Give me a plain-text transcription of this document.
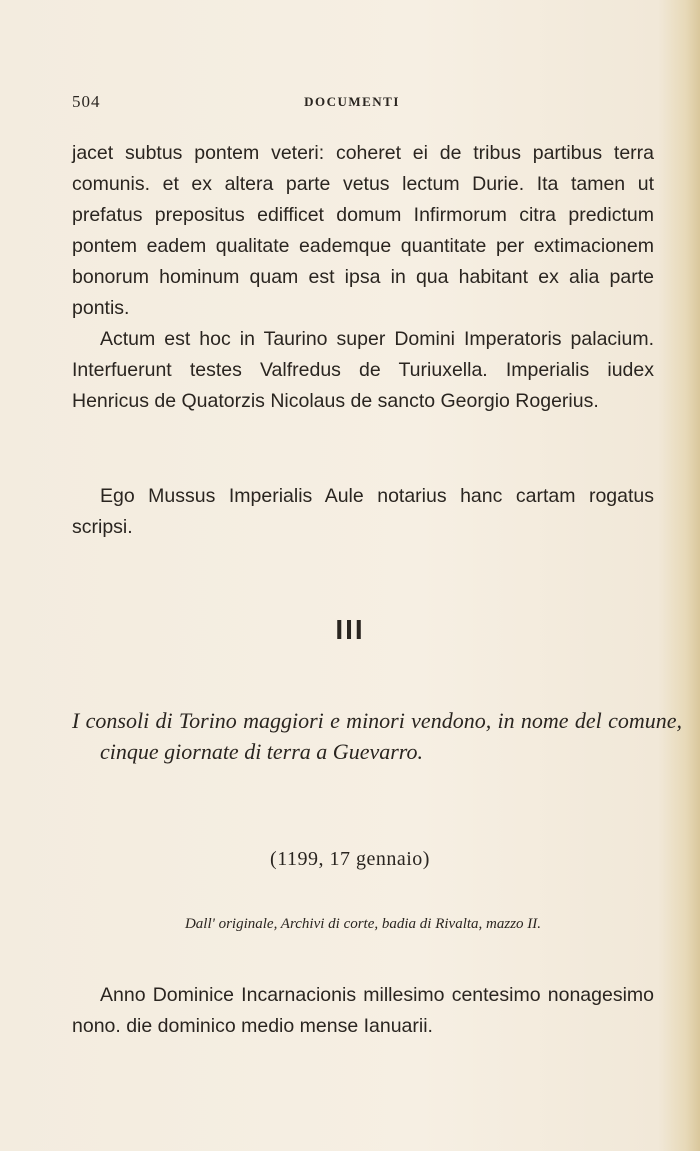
504	DOCUMENTI

jacet subtus pontem veteri: coheret ei de tribus partibus terra comunis. et ex altera parte vetus lectum Durie. Ita tamen ut prefatus prepositus edifficet domum Infirmorum citra predictum pontem eadem qualitate eademque quantitate per extimacionem bonorum hominum quam est ipsa in qua habitant ex alia parte pontis.

Actum est hoc in Taurino super Domini Imperatoris palacium. Interfuerunt testes Valfredus de Turiuxella. Imperialis iudex Henricus de Quatorzis Nicolaus de sancto Georgio Rogerius.

Ego Mussus Imperialis Aule notarius hanc cartam rogatus scripsi.

III

I consoli di Torino maggiori e minori vendono, in nome del comune, cinque giornate di terra a Guevarro.

(1199, 17 gennaio)
Dall' originale, Archivi di corte, badia di Rivalta, mazzo II.

Anno Dominice Incarnacionis millesimo centesimo nonagesimo nono. die dominico medio mense Ianuarii.
